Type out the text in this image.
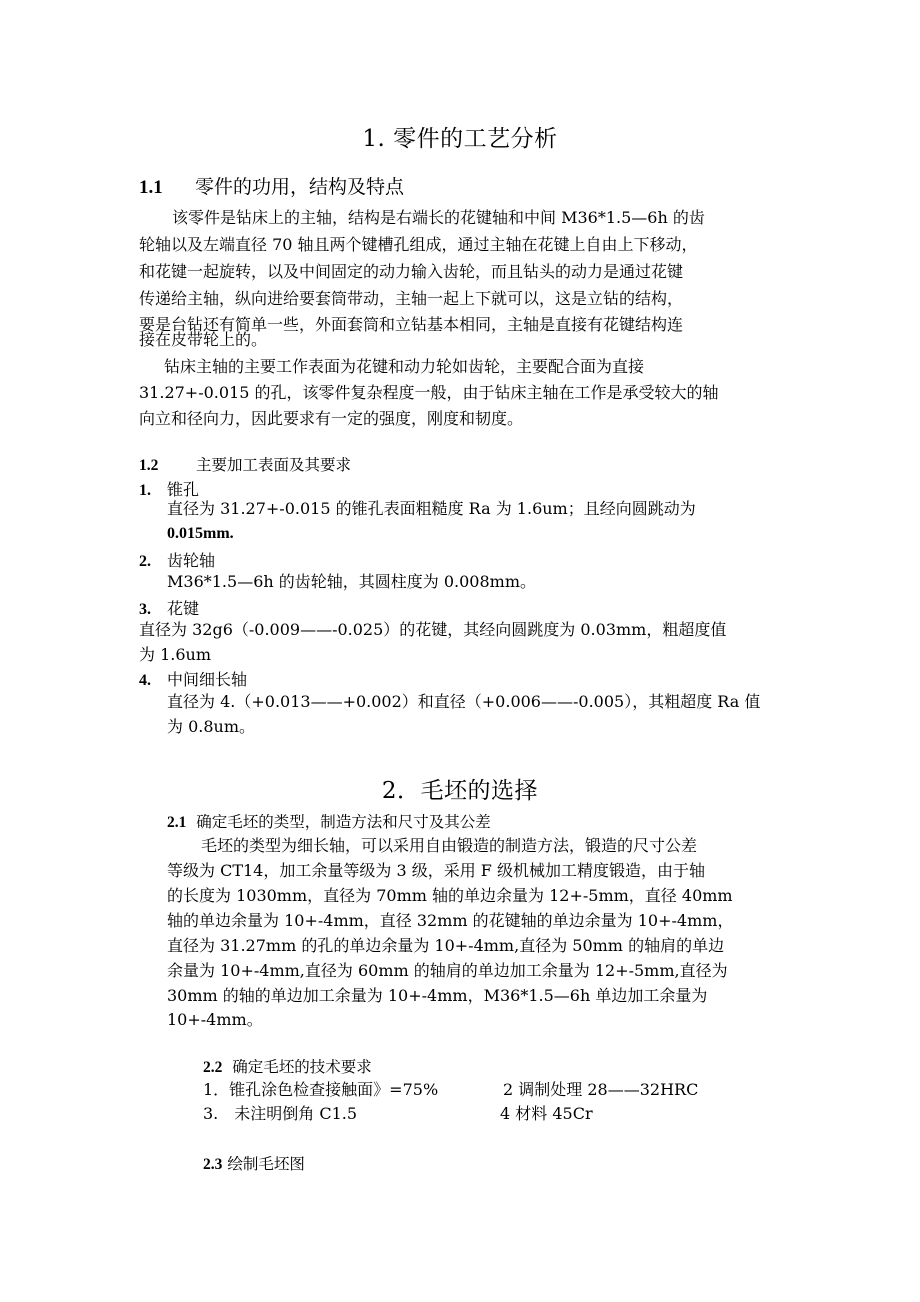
1. 零件的工艺分析
1.1 零件的功用，结构及特点
该零件是钻床上的主轴，结构是右端长的花键轴和中间 M36*1.5—6h 的齿
轮轴以及左端直径 70 轴且两个键槽孔组成，通过主轴在花键上自由上下移动，
和花键一起旋转，以及中间固定的动力输入齿轮，而且钻头的动力是通过花键
传递给主轴，纵向进给要套筒带动，主轴一起上下就可以，这是立钻的结构，
要是台钻还有简单一些，外面套筒和立钻基本相同，主轴是直接有花键结构连
接在皮带轮上的。
钻床主轴的主要工作表面为花键和动力轮如齿轮，主要配合面为直接
31.27+-0.015 的孔，该零件复杂程度一般，由于钻床主轴在工作是承受较大的轴
向立和径向力，因此要求有一定的强度，刚度和韧度。
1.2 主要加工表面及其要求
1. 锥孔
直径为 31.27+-0.015 的锥孔表面粗糙度 Ra 为 1.6um；且经向圆跳动为
0.015mm.
2. 齿轮轴
M36*1.5—6h 的齿轮轴，其圆柱度为 0.008mm。
3. 花键
直径为 32g6（-0.009——-0.025）的花键，其经向圆跳度为 0.03mm，粗超度值
为 1.6um
4. 中间细长轴
直径为 4.（+0.013——+0.002）和直径（+0.006——-0.005），其粗超度 Ra 值
为 0.8um。
2．毛坯的选择
2.1 确定毛坯的类型，制造方法和尺寸及其公差
毛坯的类型为细长轴，可以采用自由锻造的制造方法，锻造的尺寸公差
等级为 CT14，加工余量等级为 3 级，采用 F 级机械加工精度锻造，由于轴
的长度为 1030mm，直径为 70mm 轴的单边余量为 12+-5mm，直径 40mm
轴的单边余量为 10+-4mm，直径 32mm 的花键轴的单边余量为 10+-4mm，
直径为 31.27mm 的孔的单边余量为 10+-4mm,直径为 50mm 的轴肩的单边
余量为 10+-4mm,直径为 60mm 的轴肩的单边加工余量为 12+-5mm,直径为
30mm 的轴的单边加工余量为 10+-4mm，M36*1.5—6h 单边加工余量为
10+-4mm。
2.2 确定毛坯的技术要求
1．锥孔涂色检查接触面》=75%	2 调制处理 28——32HRC
3.　未注明倒角 C1.5	4 材料 45Cr
2.3 绘制毛坯图
